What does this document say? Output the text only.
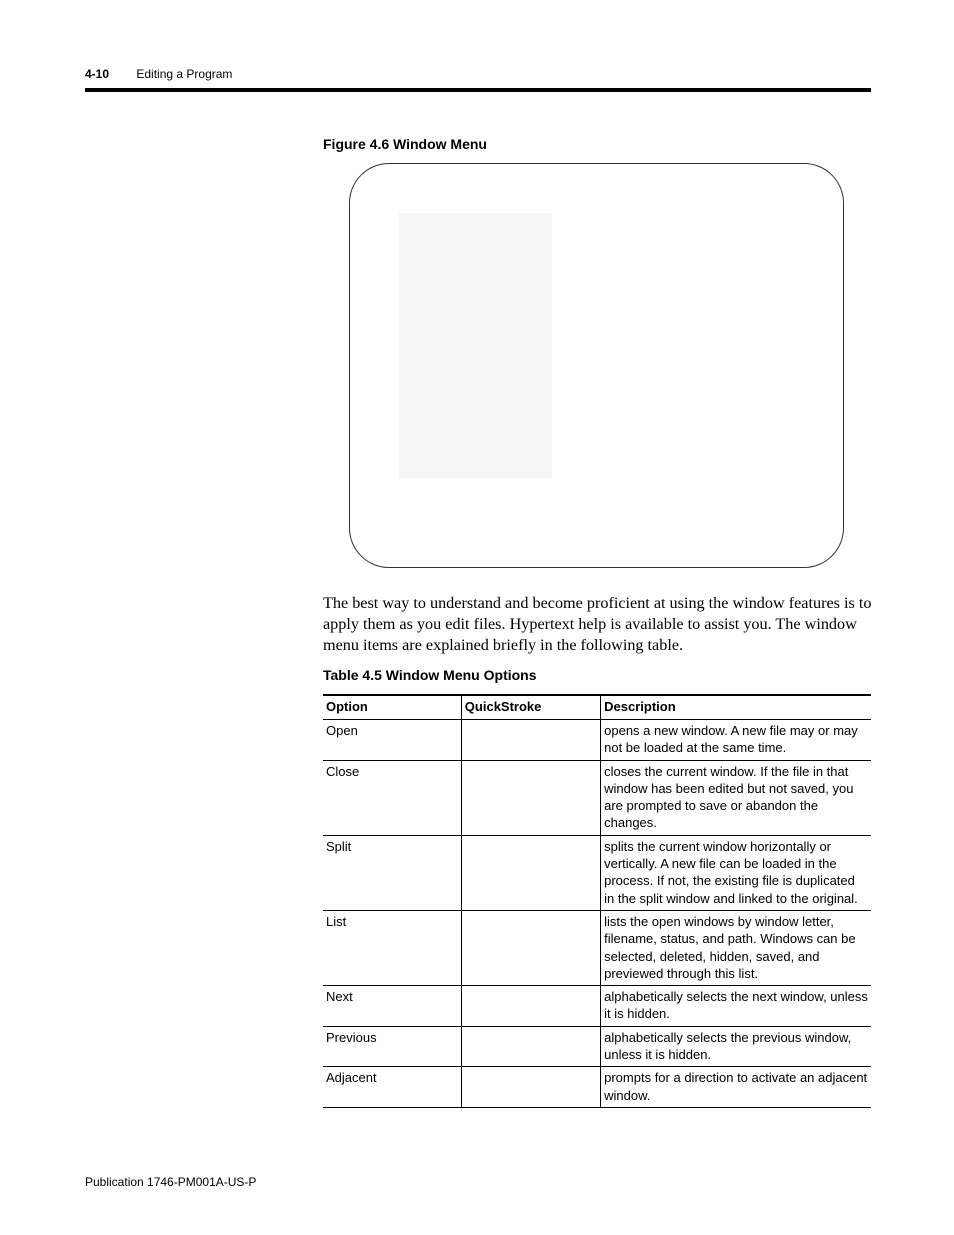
4-10 Editing a Program
Figure 4.6 Window Menu

The best way to understand and become proficient at using the window features is to apply them as you edit files. Hypertext help is available to assist you. The window menu items are explained briefly in the following table.

Table 4.5 Window Menu Options
Option	QuickStroke	Description
Open		opens a new window. A new file may or may not be loaded at the same time.
Close		closes the current window. If the file in that window has been edited but not saved, you are prompted to save or abandon the changes.
Split		splits the current window horizontally or vertically. A new file can be loaded in the process. If not, the existing file is duplicated in the split window and linked to the original.
List		lists the open windows by window letter, filename, status, and path. Windows can be selected, deleted, hidden, saved, and previewed through this list.
Next		alphabetically selects the next window, unless it is hidden.
Previous		alphabetically selects the previous window, unless it is hidden.
Adjacent		prompts for a direction to activate an adjacent window.
Publication 1746-PM001A-US-P
